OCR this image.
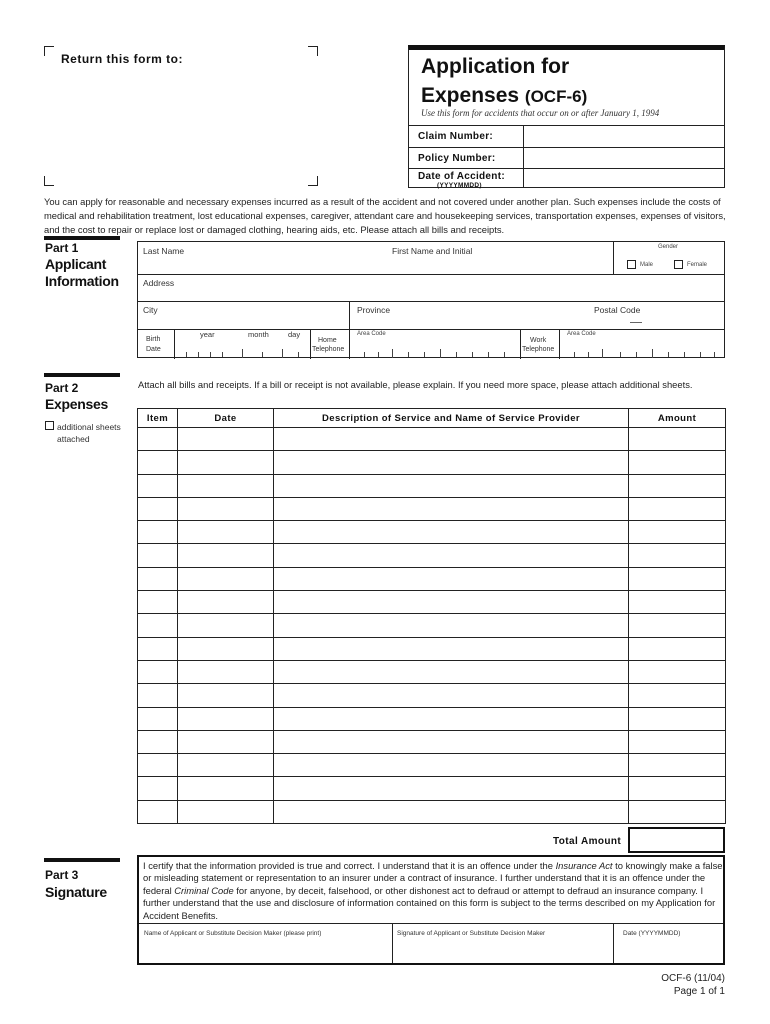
Return this form to:	Application for
Expenses (OCF-6)
Use this form for accidents that occur on or after January 1, 1994
Claim Number:
Policy Number:
Date of Accident:
(YYYYMMDD)
You can apply for reasonable and necessary expenses incurred as a result of the accident and not covered under another plan. Such expenses include the costs of medical and rehabilitation treatment, lost educational expenses, caregiver, attendant care and housekeeping services, transportation expenses, expenses of visitors, and the cost to repair or replace lost or damaged clothing, hearing aids, etc. Please attach all bills and receipts.
Part 1
Applicant
Information
Last Name	First Name and Initial	Gender
Male	Female
Address
City	Province	Postal Code
Birth
Date
year	month	day
Home
Telephone
Area Code
Work
Telephone
Area Code
Part 2
Expenses
additional sheets
attached
Attach all bills and receipts. If a bill or receipt is not available, please explain. If you need more space, please attach additional sheets.
Item	Date	Description of Service and Name of Service Provider	Amount

Total Amount
Part 3
Signature
I certify that the information provided is true and correct. I understand that it is an offence under the Insurance Act to knowingly make a false or misleading statement or representation to an insurer under a contract of insurance. I further understand that it is an offence under the federal Criminal Code for anyone, by deceit, falsehood, or other dishonest act to defraud or attempt to defraud an insurance company. I further understand that the use and disclosure of information contained on this form is subject to the terms described on my Application for Accident Benefits.
Name of Applicant or Substitute Decision Maker (please print)	Signature of Applicant or Substitute Decision Maker	Date (YYYYMMDD)
OCF-6 (11/04)
Page 1 of 1
